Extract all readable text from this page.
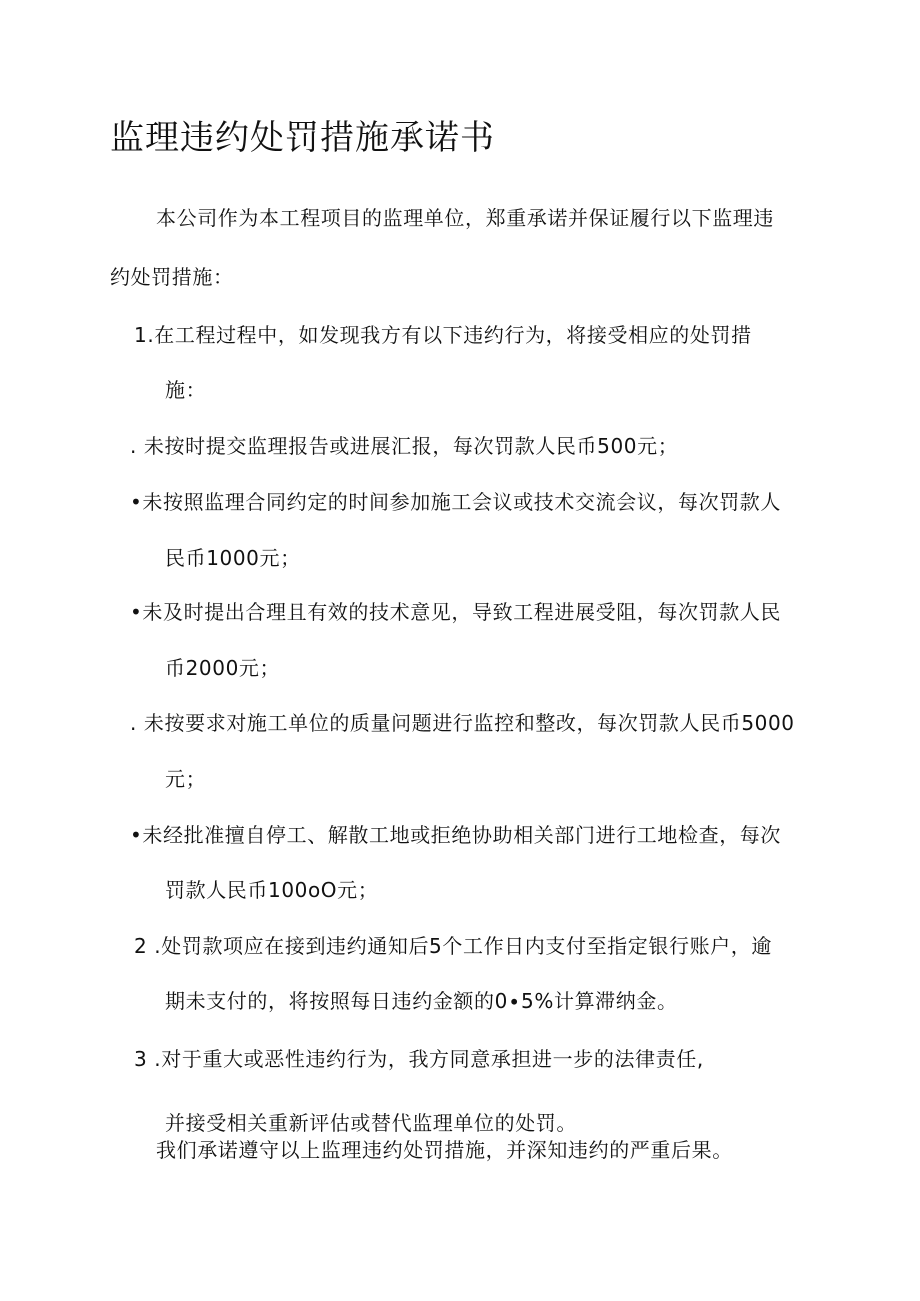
监理违约处罚措施承诺书
本公司作为本工程项目的监理单位，郑重承诺并保证履行以下监理违
约处罚措施：
1.在工程过程中，如发现我方有以下违约行为，将接受相应的处罚措
施：
. 未按时提交监理报告或进展汇报，每次罚款人民币500元；
•未按照监理合同约定的时间参加施工会议或技术交流会议，每次罚款人
民币1000元；
•未及时提出合理且有效的技术意见，导致工程进展受阻，每次罚款人民
币2000元；
. 未按要求对施工单位的质量问题进行监控和整改，每次罚款人民币5000
元；
•未经批准擅自停工、解散工地或拒绝协助相关部门进行工地检查，每次
罚款人民币100oO元；
2 .处罚款项应在接到违约通知后5个工作日内支付至指定银行账户，逾
期未支付的，将按照每日违约金额的0∙5%计算滞纳金。
3 .对于重大或恶性违约行为，我方同意承担进一步的法律责任,
并接受相关重新评估或替代监理单位的处罚。
我们承诺遵守以上监理违约处罚措施，并深知违约的严重后果。
